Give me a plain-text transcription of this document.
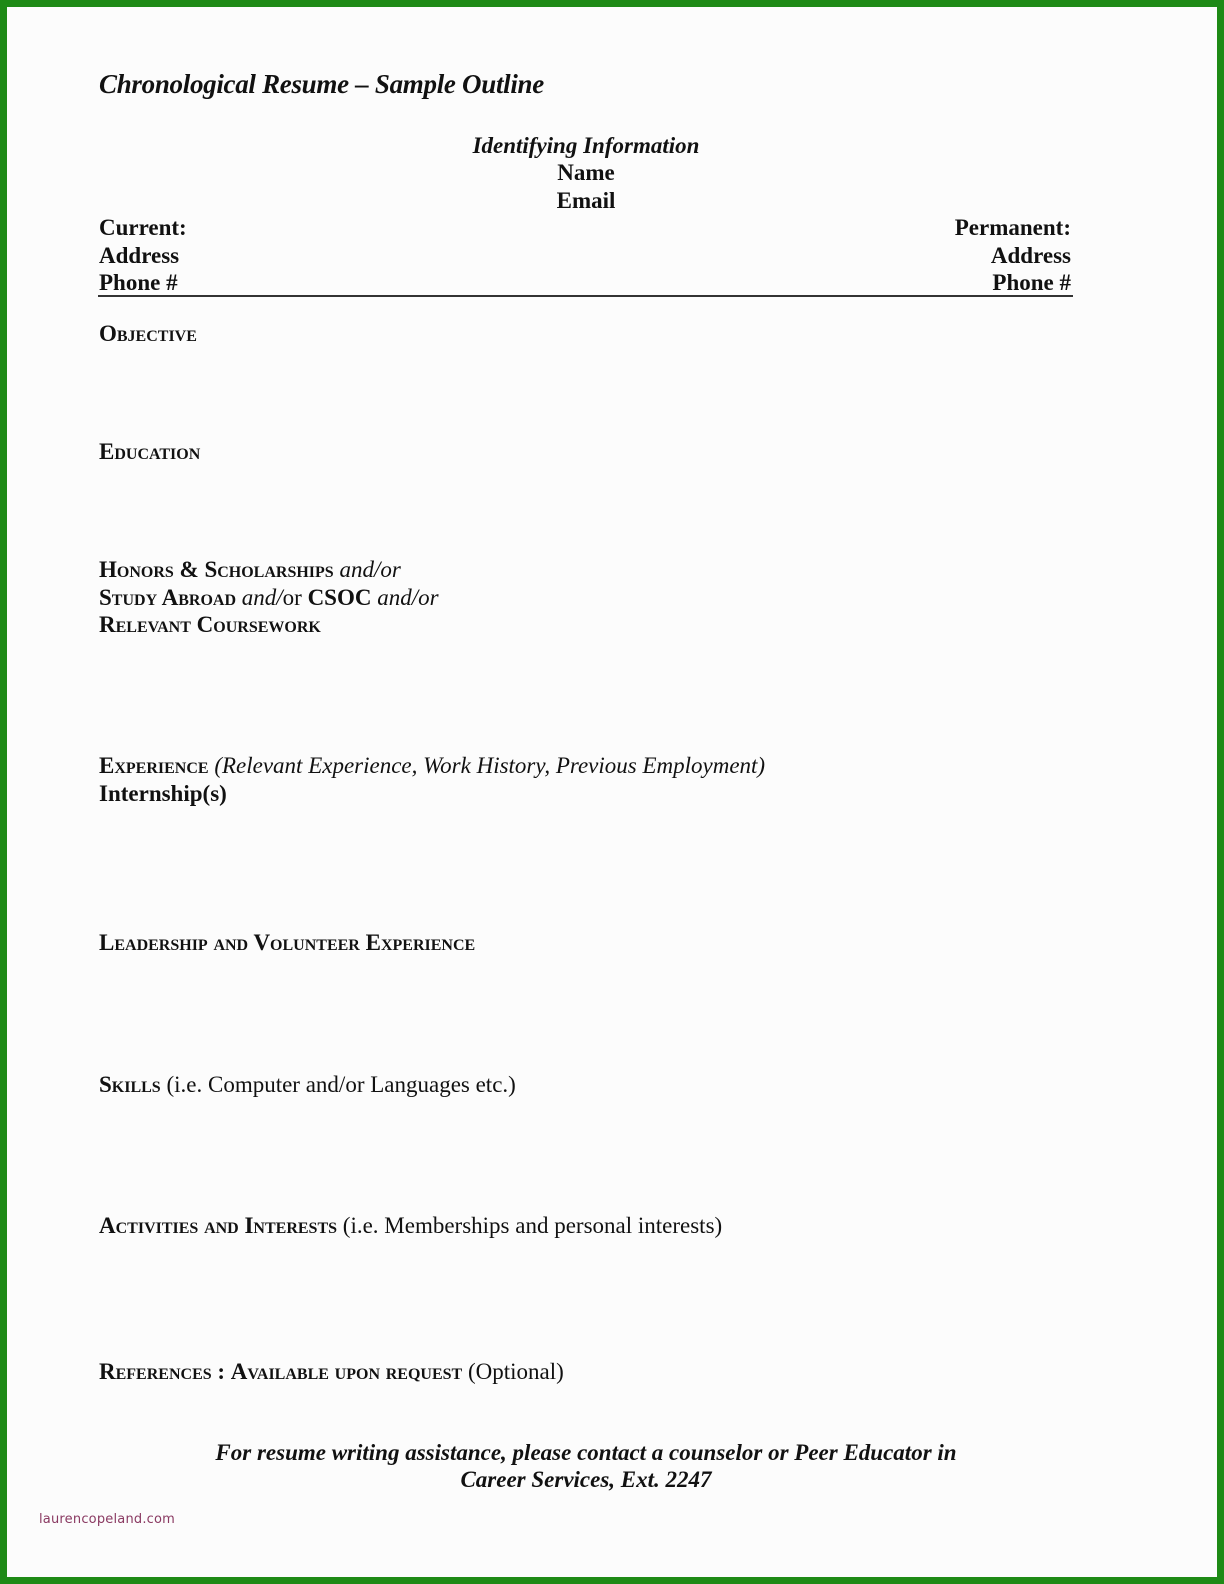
Chronological Resume – Sample Outline
Identifying Information
Name
Email
Current:
Address
Phone #
Permanent:
Address
Phone #
Objective
Education
Honors & Scholarships and/or
Study Abroad and/or CSOC and/or
Relevant Coursework
Experience (Relevant Experience, Work History, Previous Employment)
Internship(s)
Leadership and Volunteer Experience
Skills (i.e. Computer and/or Languages etc.)
Activities and Interests (i.e. Memberships and personal interests)
References : Available upon request (Optional)
For resume writing assistance, please contact a counselor or Peer Educator in
Career Services, Ext. 2247
laurencopeland.com
